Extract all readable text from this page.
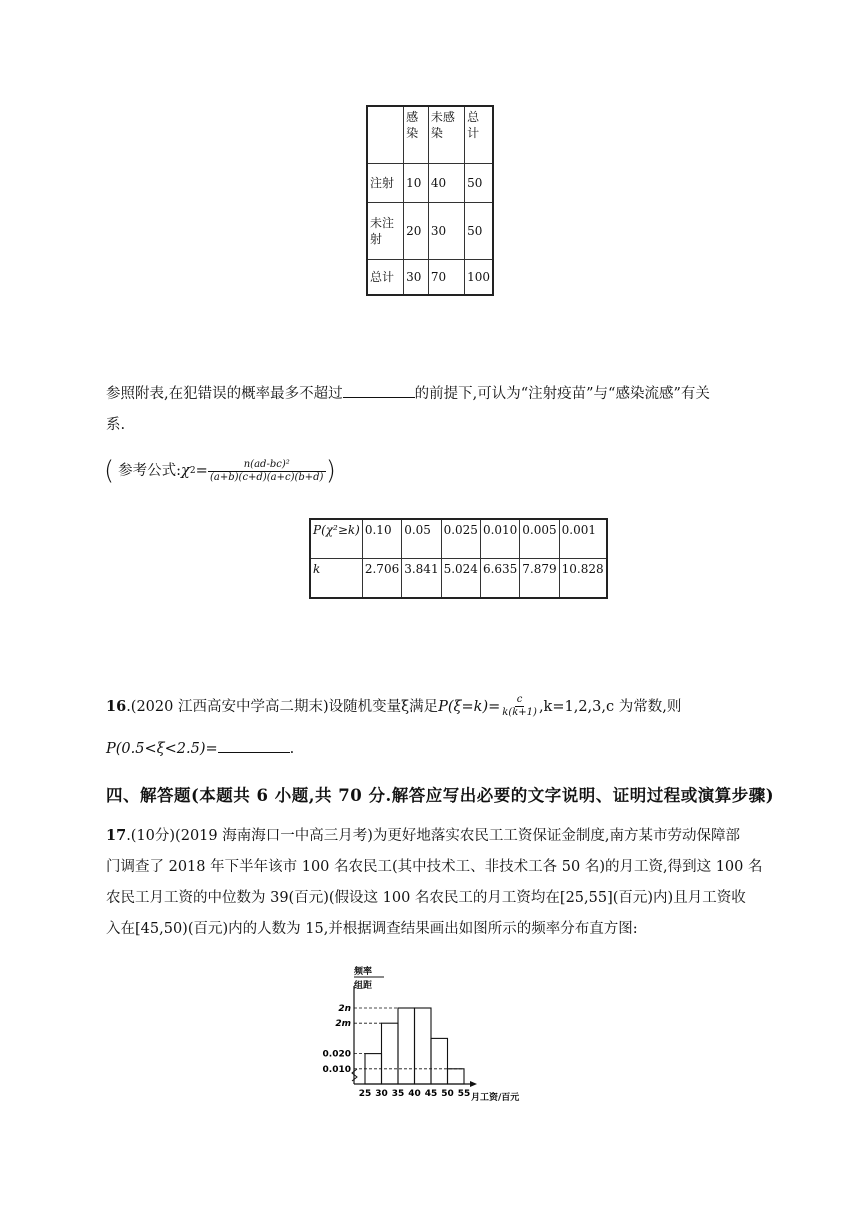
	感染	未感染	总计
注射	10	40	50
未注射	20	30	50
总计	30	70	100
参照附表,在犯错误的概率最多不超过	的前提下,可认为“注射疫苗”与“感染流感”有关
系.
( 参考公式: χ $2 = \frac{\text{n(ad-bc)²}}{(a+b)(c+d)(a+c)(b+d)}$ )
P(χ²≥k)	0.10	0.05	0.025	0.010	0.005	0.001
k	2.706	3.841	5.024	6.635	7.879	10.828
16 .(2020 江西高安中学高二期末)设随机变量ξ满足 $P(\xi=k)= \frac{c}{k(k+1)} ,k=1,2,3,c$ 为常数,则
P(0.5<ξ<2.5)=	.
四、解答题(本题共 6 小题,共 70 分.解答应写出必要的文字说明、证明过程或演算步骤)
17.(10分)(2019 海南海口一中高三月考)为更好地落实农民工工资保证金制度,南方某市劳动保障部
门调查了 2018 年下半年该市 100 名农民工(其中技术工、非技术工各 50 名)的月工资,得到这 100 名
农民工月工资的中位数为 39(百元)(假设这 100 名农民工的月工资均在[25,55](百元)内)且月工资收
入在[45,50)(百元)内的人数为 15,并根据调查结果画出如图所示的频率分布直方图:
频率
组距
月工资/百元
0.010
0.020
2m
2n
25 30 35 40 45 50 55
